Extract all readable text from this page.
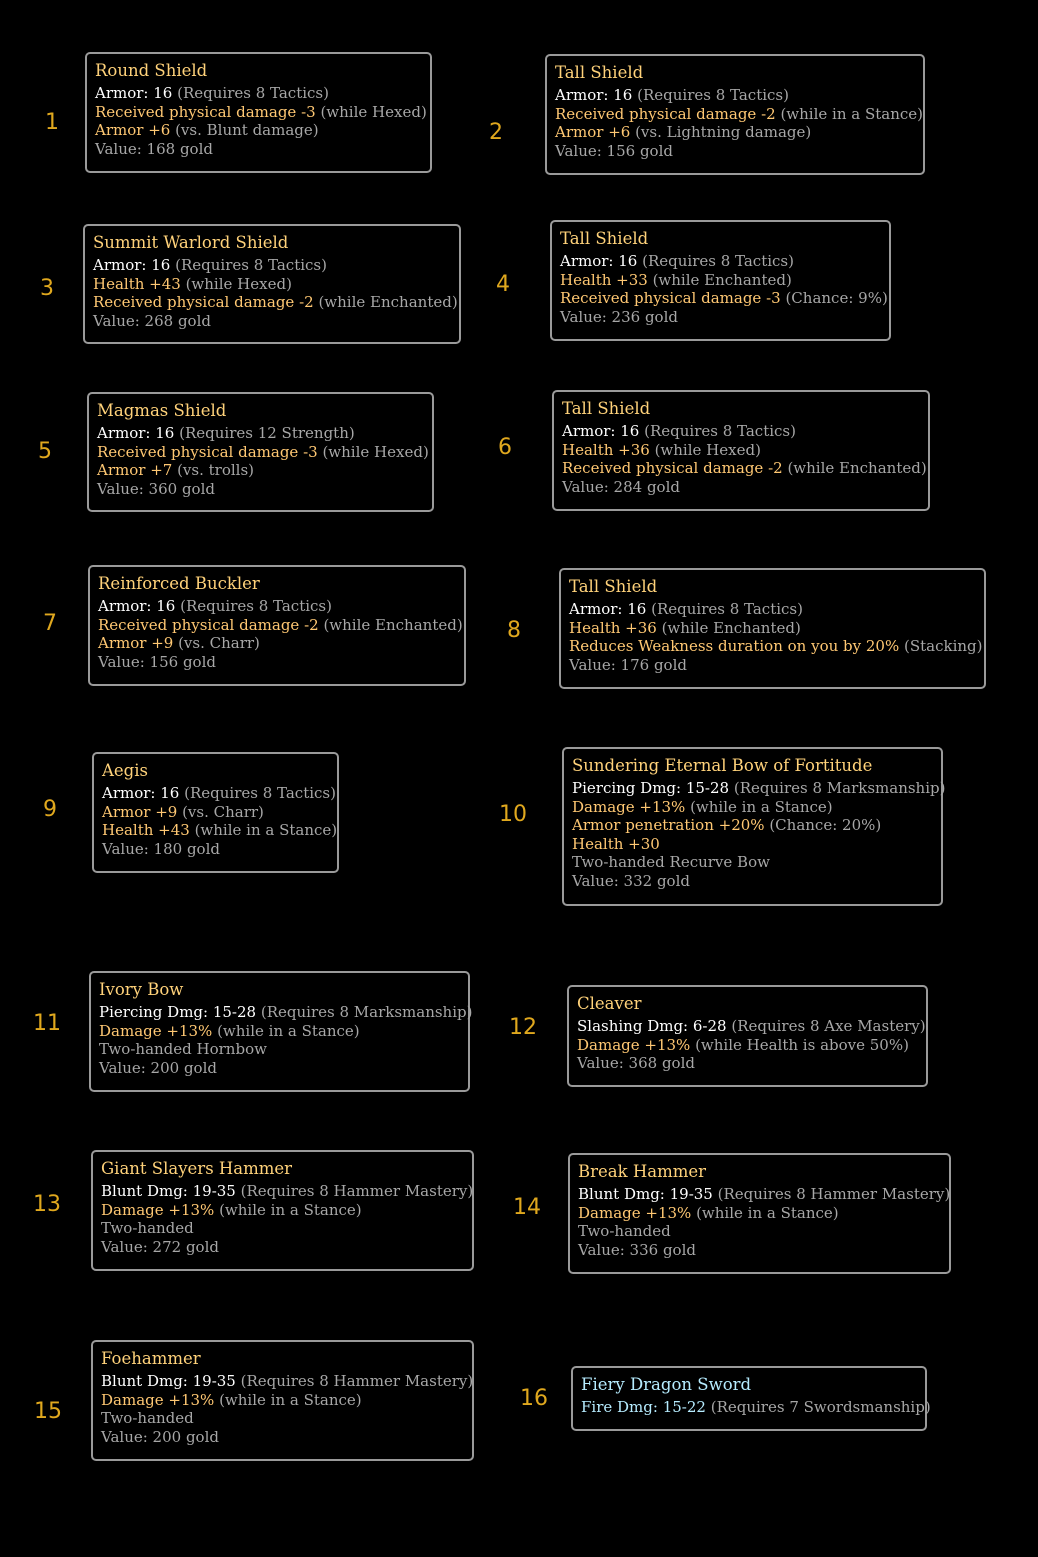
1
Round Shield
Armor: 16 (Requires 8 Tactics)
Received physical damage -3 (while Hexed)
Armor +6 (vs. Blunt damage)
Value: 168 gold
2
Tall Shield
Armor: 16 (Requires 8 Tactics)
Received physical damage -2 (while in a Stance)
Armor +6 (vs. Lightning damage)
Value: 156 gold
3
Summit Warlord Shield
Armor: 16 (Requires 8 Tactics)
Health +43 (while Hexed)
Received physical damage -2 (while Enchanted)
Value: 268 gold
4
Tall Shield
Armor: 16 (Requires 8 Tactics)
Health +33 (while Enchanted)
Received physical damage -3 (Chance: 9%)
Value: 236 gold
5
Magmas Shield
Armor: 16 (Requires 12 Strength)
Received physical damage -3 (while Hexed)
Armor +7 (vs. trolls)
Value: 360 gold
6
Tall Shield
Armor: 16 (Requires 8 Tactics)
Health +36 (while Hexed)
Received physical damage -2 (while Enchanted)
Value: 284 gold
7
Reinforced Buckler
Armor: 16 (Requires 8 Tactics)
Received physical damage -2 (while Enchanted)
Armor +9 (vs. Charr)
Value: 156 gold
8
Tall Shield
Armor: 16 (Requires 8 Tactics)
Health +36 (while Enchanted)
Reduces Weakness duration on you by 20% (Stacking)
Value: 176 gold
9
Aegis
Armor: 16 (Requires 8 Tactics)
Armor +9 (vs. Charr)
Health +43 (while in a Stance)
Value: 180 gold
10
Sundering Eternal Bow of Fortitude
Piercing Dmg: 15-28 (Requires 8 Marksmanship)
Damage +13% (while in a Stance)
Armor penetration +20% (Chance: 20%)
Health +30
Two-handed Recurve Bow
Value: 332 gold
11
Ivory Bow
Piercing Dmg: 15-28 (Requires 8 Marksmanship)
Damage +13% (while in a Stance)
Two-handed Hornbow
Value: 200 gold
12
Cleaver
Slashing Dmg: 6-28 (Requires 8 Axe Mastery)
Damage +13% (while Health is above 50%)
Value: 368 gold
13
Giant Slayers Hammer
Blunt Dmg: 19-35 (Requires 8 Hammer Mastery)
Damage +13% (while in a Stance)
Two-handed
Value: 272 gold
14
Break Hammer
Blunt Dmg: 19-35 (Requires 8 Hammer Mastery)
Damage +13% (while in a Stance)
Two-handed
Value: 336 gold
15
Foehammer
Blunt Dmg: 19-35 (Requires 8 Hammer Mastery)
Damage +13% (while in a Stance)
Two-handed
Value: 200 gold
16
Fiery Dragon Sword
Fire Dmg: 15-22 (Requires 7 Swordsmanship)
